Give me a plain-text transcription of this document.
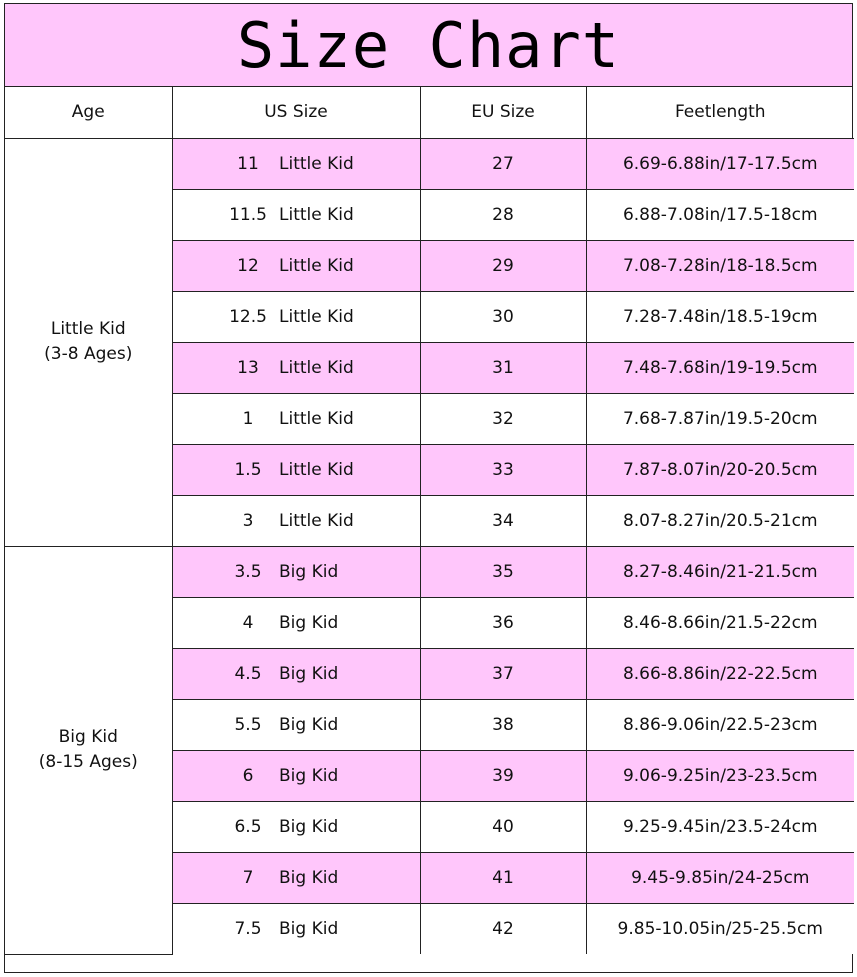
Size Chart
Age	US Size	EU Size	Feetlength

Little Kid
(3-8 Ages)	11 Little Kid	27	6.69-6.88in/17-17.5cm
	11.5 Little Kid	28	6.88-7.08in/17.5-18cm
	12 Little Kid	29	7.08-7.28in/18-18.5cm
	12.5 Little Kid	30	7.28-7.48in/18.5-19cm
	13 Little Kid	31	7.48-7.68in/19-19.5cm
	1 Little Kid	32	7.68-7.87in/19.5-20cm
	1.5 Little Kid	33	7.87-8.07in/20-20.5cm
	3 Little Kid	34	8.07-8.27in/20.5-21cm

Big Kid
(8-15 Ages)	3.5 Big Kid	35	8.27-8.46in/21-21.5cm
	4 Big Kid	36	8.46-8.66in/21.5-22cm
	4.5 Big Kid	37	8.66-8.86in/22-22.5cm
	5.5 Big Kid	38	8.86-9.06in/22.5-23cm
	6 Big Kid	39	9.06-9.25in/23-23.5cm
	6.5 Big Kid	40	9.25-9.45in/23.5-24cm
	7 Big Kid	41	9.45-9.85in/24-25cm
	7.5 Big Kid	42	9.85-10.05in/25-25.5cm
